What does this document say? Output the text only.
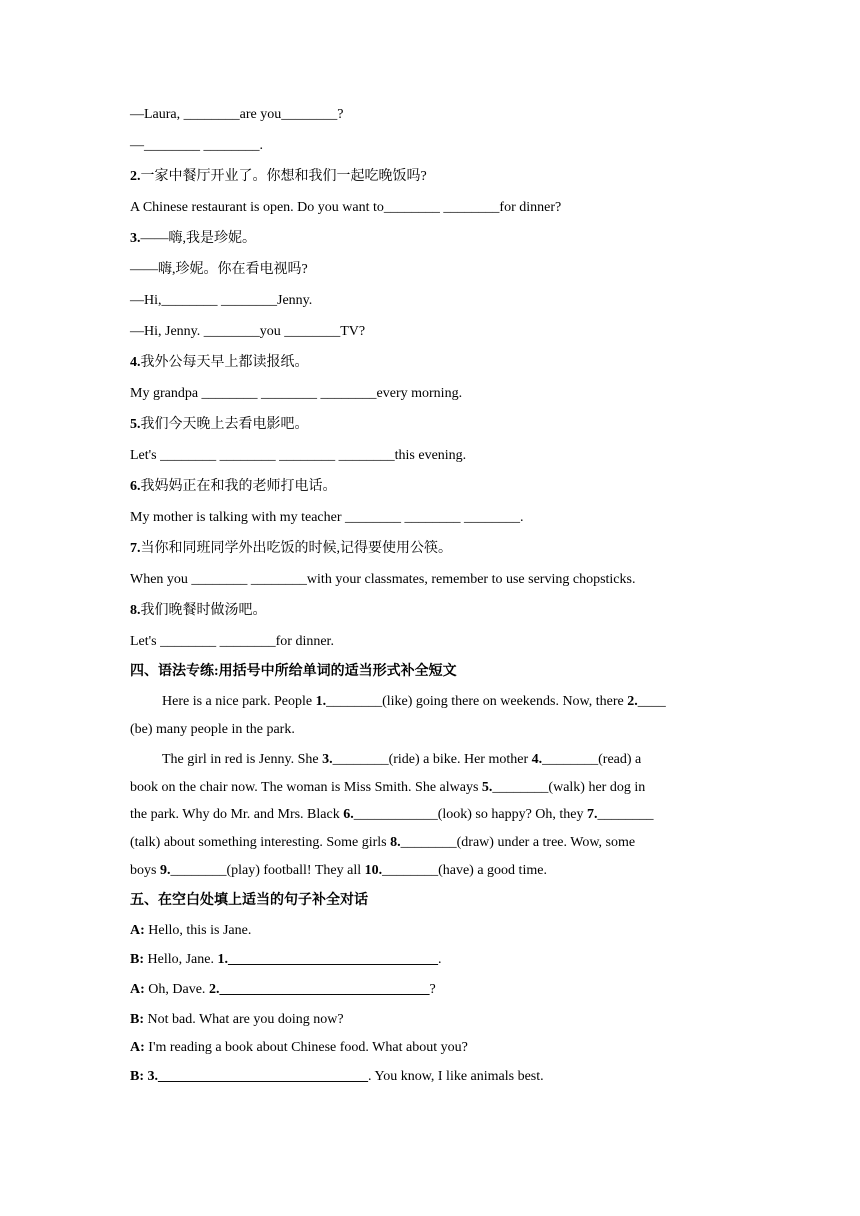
—Laura, ________are you________?
—________ ________.
2.一家中餐厅开业了。你想和我们一起吃晚饭吗?
A Chinese restaurant is open. Do you want to________ ________for dinner?
3.——嗨,我是珍妮。
——嗨,珍妮。你在看电视吗?
—Hi,________ ________Jenny.
—Hi, Jenny. ________you ________TV?
4.我外公每天早上都读报纸。
My grandpa ________ ________ ________every morning.
5.我们今天晚上去看电影吧。
Let's ________ ________ ________ ________this evening.
6.我妈妈正在和我的老师打电话。
My mother is talking with my teacher ________ ________ ________.
7.当你和同班同学外出吃饭的时候,记得要使用公筷。
When you ________ ________with your classmates, remember to use serving chopsticks.
8.我们晚餐时做汤吧。
Let's ________ ________for dinner.
四、语法专练:用括号中所给单词的适当形式补全短文
Here is a nice park. People 1.________(like) going there on weekends. Now, there 2.____
(be) many people in the park.
The girl in red is Jenny. She 3.________(ride) a bike. Her mother 4.________(read) a
book on the chair now. The woman is Miss Smith. She always 5.________(walk) her dog in
the park. Why do Mr. and Mrs. Black 6.____________(look) so happy? Oh, they 7.________
(talk) about something interesting. Some girls 8.________(draw) under a tree. Wow, some
boys 9.________(play) football! They all 10.________(have) a good time.
五、在空白处填上适当的句子补全对话
A: Hello, this is Jane.
B: Hello, Jane. 1.______________________________.
A: Oh, Dave. 2.______________________________?
B: Not bad. What are you doing now?
A: I'm reading a book about Chinese food. What about you?
B: 3.______________________________. You know, I like animals best.
